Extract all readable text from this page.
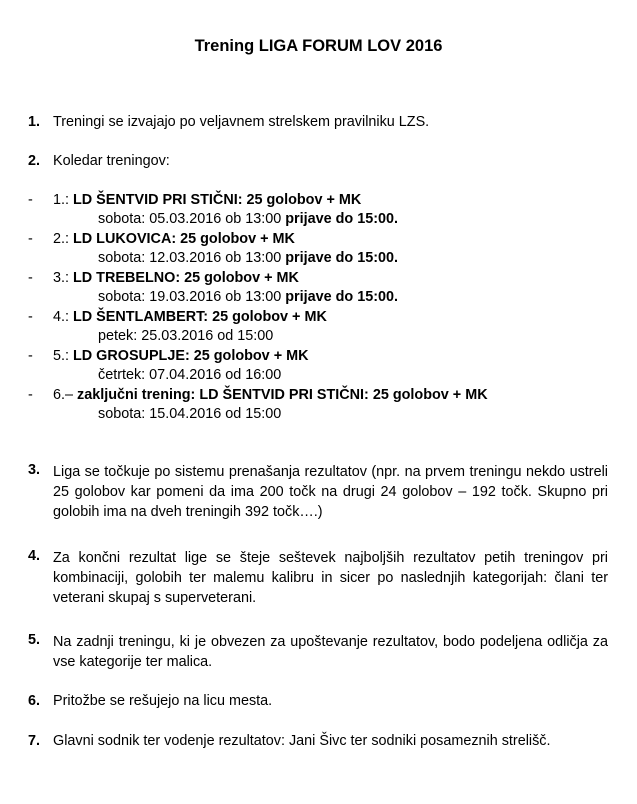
Trening LIGA FORUM LOV 2016
1. Treningi se izvajajo po veljavnem strelskem pravilniku LZS.
2. Koledar treningov:
- 1.: LD ŠENTVID PRI STIČNI: 25 golobov + MK
sobota: 05.03.2016 ob 13:00 prijave do 15:00.
- 2.: LD LUKOVICA: 25 golobov + MK
sobota: 12.03.2016 ob 13:00 prijave do 15:00.
- 3.: LD TREBELNO: 25 golobov + MK
sobota: 19.03.2016 ob 13:00 prijave do 15:00.
- 4.: LD ŠENTLAMBERT: 25 golobov + MK
petek: 25.03.2016 od 15:00
- 5.: LD GROSUPLJE: 25 golobov + MK
četrtek: 07.04.2016 od 16:00
- 6.– zaključni trening: LD ŠENTVID PRI STIČNI: 25 golobov + MK
sobota: 15.04.2016 od 15:00
3. Liga se točkuje po sistemu prenašanja rezultatov (npr. na prvem treningu nekdo ustreli 25 golobov kar pomeni da ima 200 točk na drugi 24 golobov – 192 točk. Skupno pri golobih ima na dveh treningih 392 točk….)
4. Za končni rezultat lige se šteje seštevek najboljših rezultatov petih treningov pri kombinaciji, golobih ter malemu kalibru in sicer po naslednjih kategorijah: člani ter veterani skupaj s superveterani.
5. Na zadnji treningu, ki je obvezen za upoštevanje rezultatov, bodo podeljena odličja za vse kategorije ter malica.
6. Pritožbe se rešujejo na licu mesta.
7. Glavni sodnik ter vodenje rezultatov: Jani Šivc ter sodniki posameznih strelišč.
